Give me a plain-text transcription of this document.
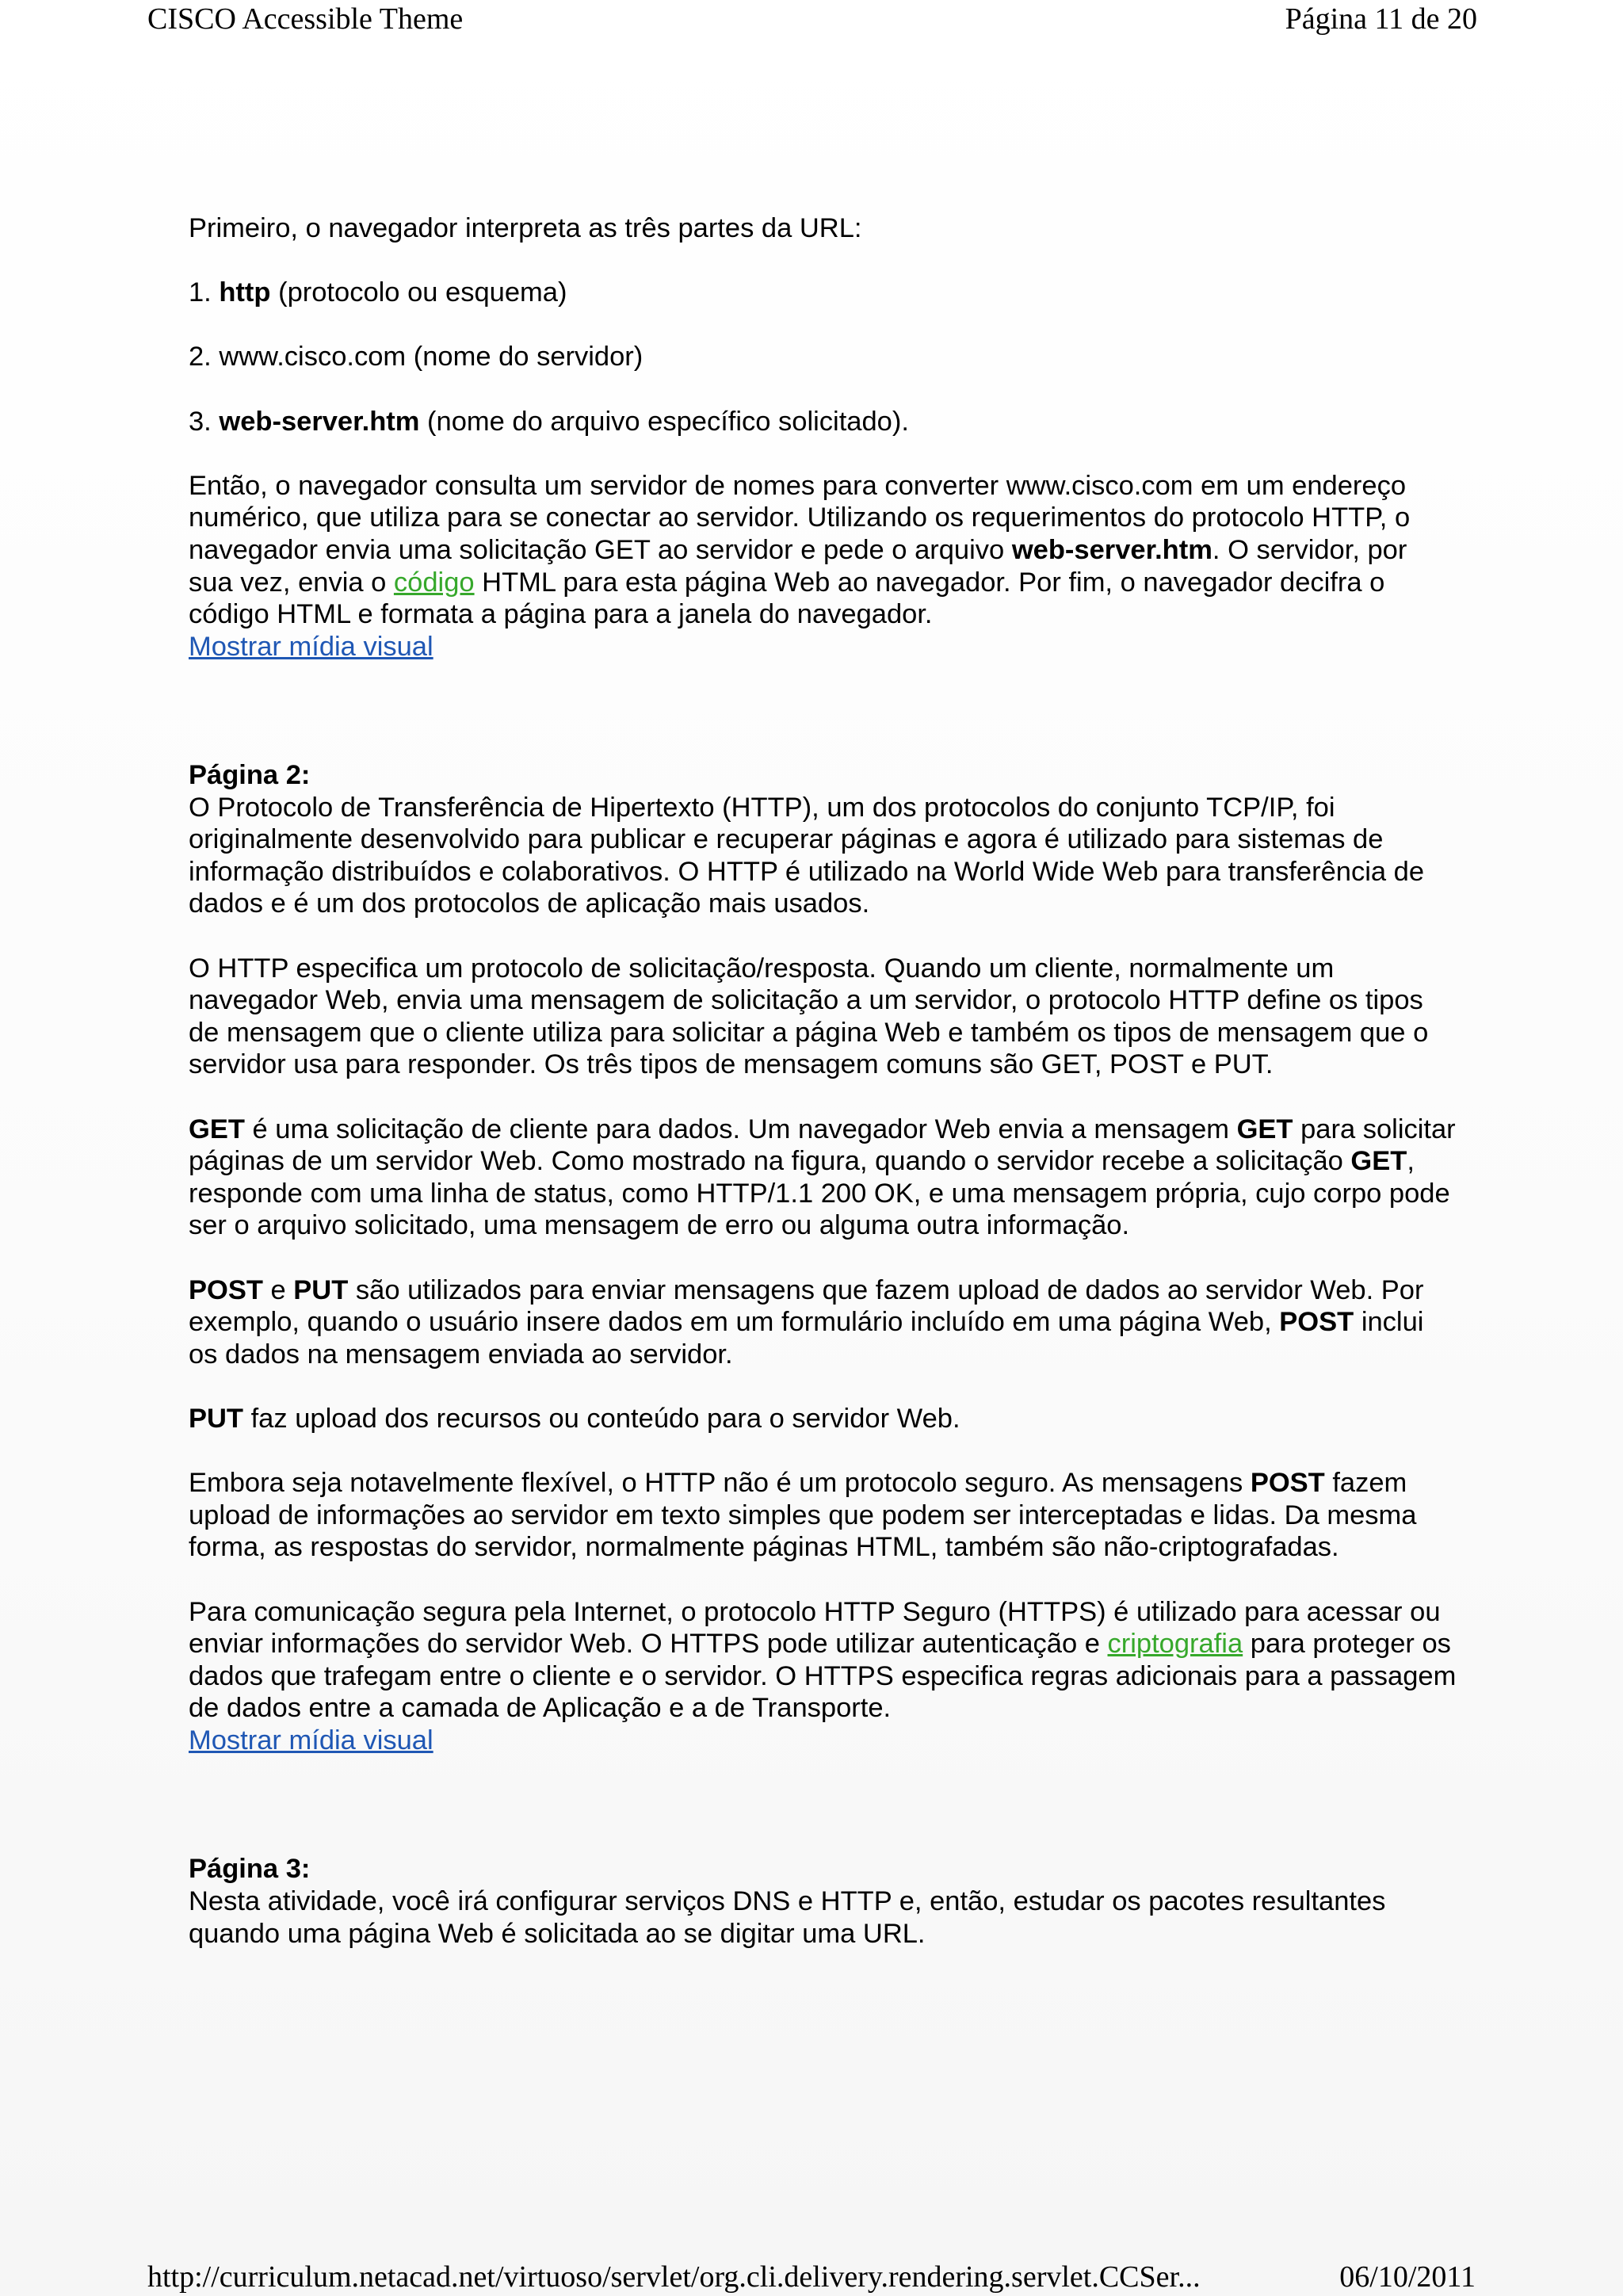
CISCO Accessible Theme	Página 11 de 20

Primeiro, o navegador interpreta as três partes da URL:

1. http (protocolo ou esquema)

2. www.cisco.com (nome do servidor)

3. web-server.htm (nome do arquivo específico solicitado).

Então, o navegador consulta um servidor de nomes para converter www.cisco.com em um endereço numérico, que utiliza para se conectar ao servidor. Utilizando os requerimentos do protocolo HTTP, o navegador envia uma solicitação GET ao servidor e pede o arquivo web-server.htm. O servidor, por sua vez, envia o código HTML para esta página Web ao navegador. Por fim, o navegador decifra o código HTML e formata a página para a janela do navegador.
Mostrar mídia visual

Página 2:
O Protocolo de Transferência de Hipertexto (HTTP), um dos protocolos do conjunto TCP/IP, foi originalmente desenvolvido para publicar e recuperar páginas e agora é utilizado para sistemas de informação distribuídos e colaborativos. O HTTP é utilizado na World Wide Web para transferência de dados e é um dos protocolos de aplicação mais usados.

O HTTP especifica um protocolo de solicitação/resposta. Quando um cliente, normalmente um navegador Web, envia uma mensagem de solicitação a um servidor, o protocolo HTTP define os tipos de mensagem que o cliente utiliza para solicitar a página Web e também os tipos de mensagem que o servidor usa para responder. Os três tipos de mensagem comuns são GET, POST e PUT.

GET é uma solicitação de cliente para dados. Um navegador Web envia a mensagem GET para solicitar páginas de um servidor Web. Como mostrado na figura, quando o servidor recebe a solicitação GET, responde com uma linha de status, como HTTP/1.1 200 OK, e uma mensagem própria, cujo corpo pode ser o arquivo solicitado, uma mensagem de erro ou alguma outra informação.

POST e PUT são utilizados para enviar mensagens que fazem upload de dados ao servidor Web. Por exemplo, quando o usuário insere dados em um formulário incluído em uma página Web, POST inclui os dados na mensagem enviada ao servidor.

PUT faz upload dos recursos ou conteúdo para o servidor Web.

Embora seja notavelmente flexível, o HTTP não é um protocolo seguro. As mensagens POST fazem upload de informações ao servidor em texto simples que podem ser interceptadas e lidas. Da mesma forma, as respostas do servidor, normalmente páginas HTML, também são não-criptografadas.

Para comunicação segura pela Internet, o protocolo HTTP Seguro (HTTPS) é utilizado para acessar ou enviar informações do servidor Web. O HTTPS pode utilizar autenticação e criptografia para proteger os dados que trafegam entre o cliente e o servidor. O HTTPS especifica regras adicionais para a passagem de dados entre a camada de Aplicação e a de Transporte.
Mostrar mídia visual

Página 3:
Nesta atividade, você irá configurar serviços DNS e HTTP e, então, estudar os pacotes resultantes quando uma página Web é solicitada ao se digitar uma URL.

http://curriculum.netacad.net/virtuoso/servlet/org.cli.delivery.rendering.servlet.CCSer...	06/10/2011
